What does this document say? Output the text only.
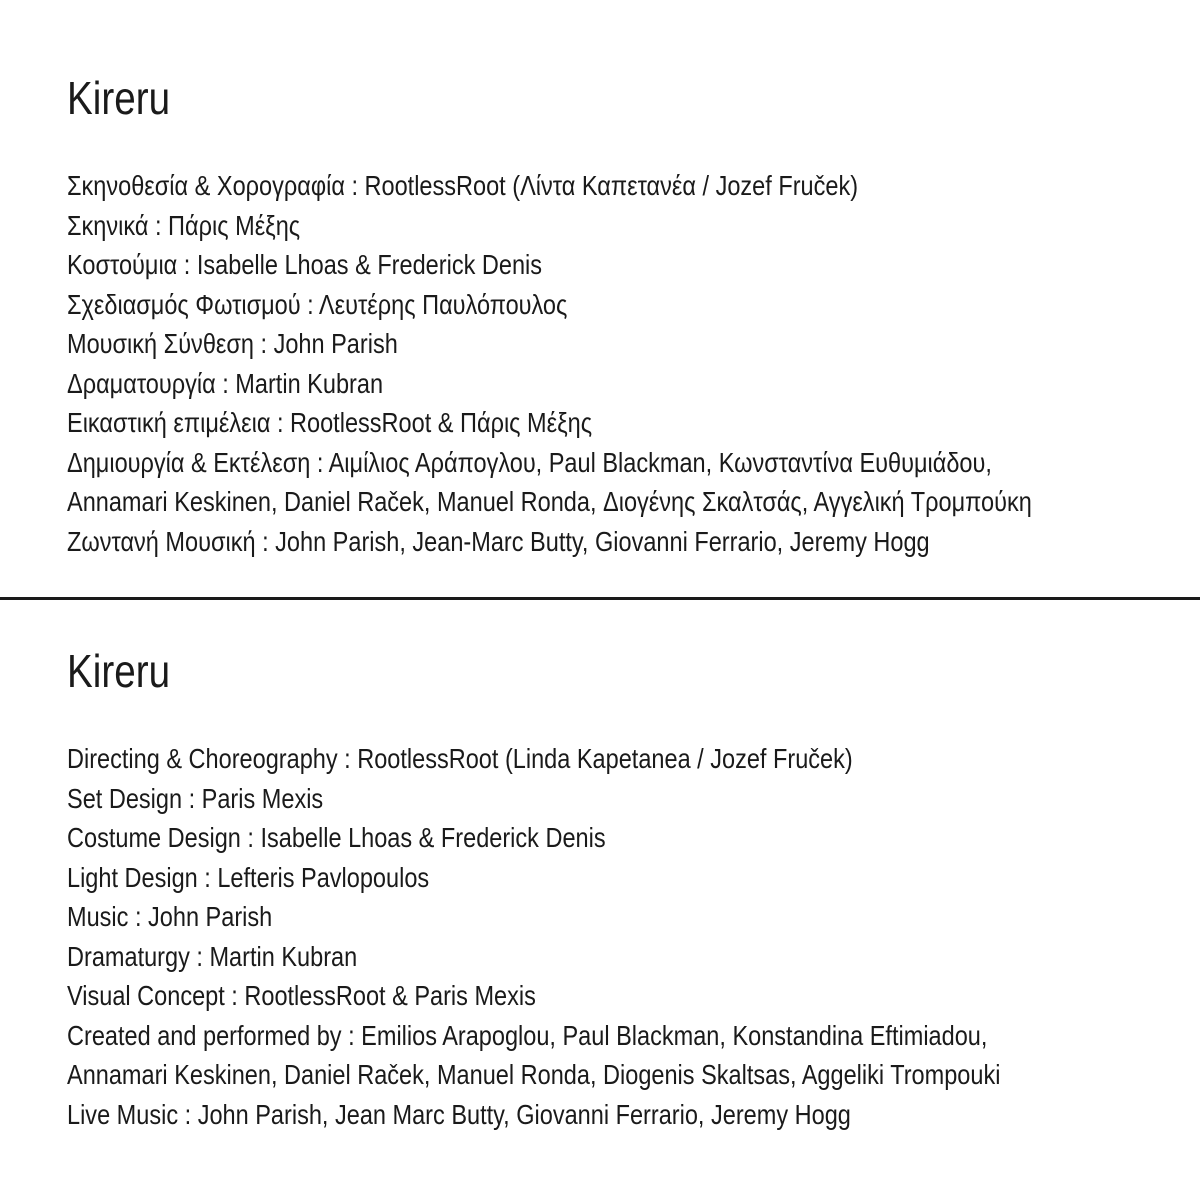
Kireru
Σκηνοθεσία & Χορογραφία : RootlessRoot (Λίντα Καπετανέα / Jozef Fruček)
Σκηνικά : Πάρις Μέξης
Κοστούμια : Isabelle Lhoas & Frederick Denis
Σχεδιασμός Φωτισμού : Λευτέρης Παυλόπουλος
Μουσική Σύνθεση : John Parish
Δραματουργία : Martin Kubran
Εικαστική επιμέλεια : RootlessRoot & Πάρις Μέξης
Δημιουργία & Εκτέλεση : Αιμίλιος Αράπογλου, Paul Blackman, Κωνσταντίνα Ευθυμιάδου,
Annamari Keskinen, Daniel Raček, Manuel Ronda, Διογένης Σκαλτσάς, Αγγελική Τρομπούκη
Ζωντανή Μουσική : John Parish, Jean-Marc Butty, Giovanni Ferrario, Jeremy Hogg
Kireru
Directing & Choreography : RootlessRoot (Linda Kapetanea / Jozef Fruček)
Set Design : Paris Mexis
Costume Design : Isabelle Lhoas & Frederick Denis
Light Design : Lefteris Pavlopoulos
Music : John Parish
Dramaturgy : Martin Kubran
Visual Concept : RootlessRoot & Paris Mexis
Created and performed by : Emilios Arapoglou, Paul Blackman, Konstandina Eftimiadou,
Annamari Keskinen, Daniel Raček, Manuel Ronda, Diogenis Skaltsas, Aggeliki Trompouki
Live Music : John Parish, Jean Marc Butty, Giovanni Ferrario, Jeremy Hogg
